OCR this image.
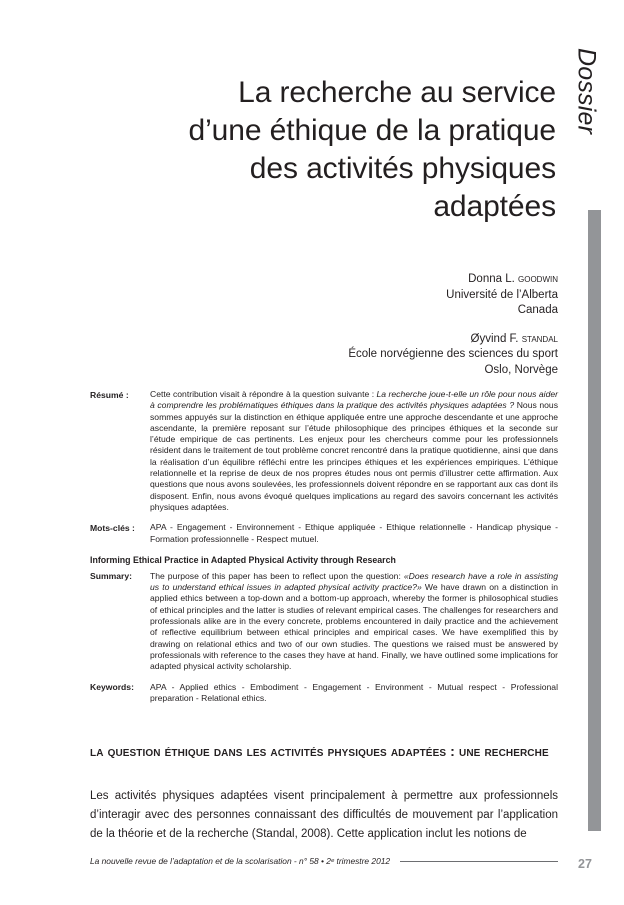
Dossier
La recherche au service
d’une éthique de la pratique
des activités physiques
adaptées
Donna L. goodwin
Université de l’Alberta
Canada
Øyvind F. standal
École norvégienne des sciences du sport
Oslo, Norvège
Résumé :	Cette contribution visait à répondre à la question suivante : La recherche joue-t-elle un rôle pour nous aider à comprendre les problématiques éthiques dans la pratique des activités physiques adaptées ? Nous nous sommes appuyés sur la distinction en éthique appliquée entre une approche descendante et une approche ascendante, la première reposant sur l’étude philosophique des principes éthiques et la seconde sur l’étude empirique de cas pertinents. Les enjeux pour les chercheurs comme pour les professionnels résident dans le traitement de tout problème concret rencontré dans la pratique quotidienne, ainsi que dans la réalisation d’un équilibre réfléchi entre les principes éthiques et les expériences empiriques. L’éthique relationnelle et la reprise de deux de nos propres études nous ont permis d’illustrer cette affirmation. Aux questions que nous avons soulevées, les professionnels doivent répondre en se rapportant aux cas dont ils disposent. Enfin, nous avons évoqué quelques implications au regard des savoirs concernant les activités physiques adaptées.
Mots-clés :	APA - Engagement - Environnement - Ethique appliquée - Ethique relationnelle - Handicap physique - Formation professionnelle - Respect mutuel.
Informing Ethical Practice in Adapted Physical Activity through Research
Summary:	The purpose of this paper has been to reflect upon the question: «Does research have a role in assisting us to understand ethical issues in adapted physical activity practice?» We have drawn on a distinction in applied ethics between a top-down and a bottom-up approach, whereby the former is philosophical studies of ethical principles and the latter is studies of relevant empirical cases. The challenges for researchers and professionals alike are in the every concrete, problems encountered in daily practice and the achievement of reflective equilibrium between ethical principles and empirical cases. We have exemplified this by drawing on relational ethics and two of our own studies. The questions we raised must be answered by professionals with reference to the cases they have at hand. Finally, we have outlined some implications for adapted physical activity scholarship.
Keywords:	APA - Applied ethics - Embodiment - Engagement - Environment - Mutual respect - Professional preparation - Relational ethics.
la question éthique dans les activités physiques adaptées : une recherche
Les activités physiques adaptées visent principalement à permettre aux professionnels d’interagir avec des personnes connaissant des difficultés de mouvement par l’application de la théorie et de la recherche (Standal, 2008). Cette application inclut les notions de
La nouvelle revue de l’adaptation et de la scolarisation - n° 58 • 2ᵉ trimestre 2012	27
